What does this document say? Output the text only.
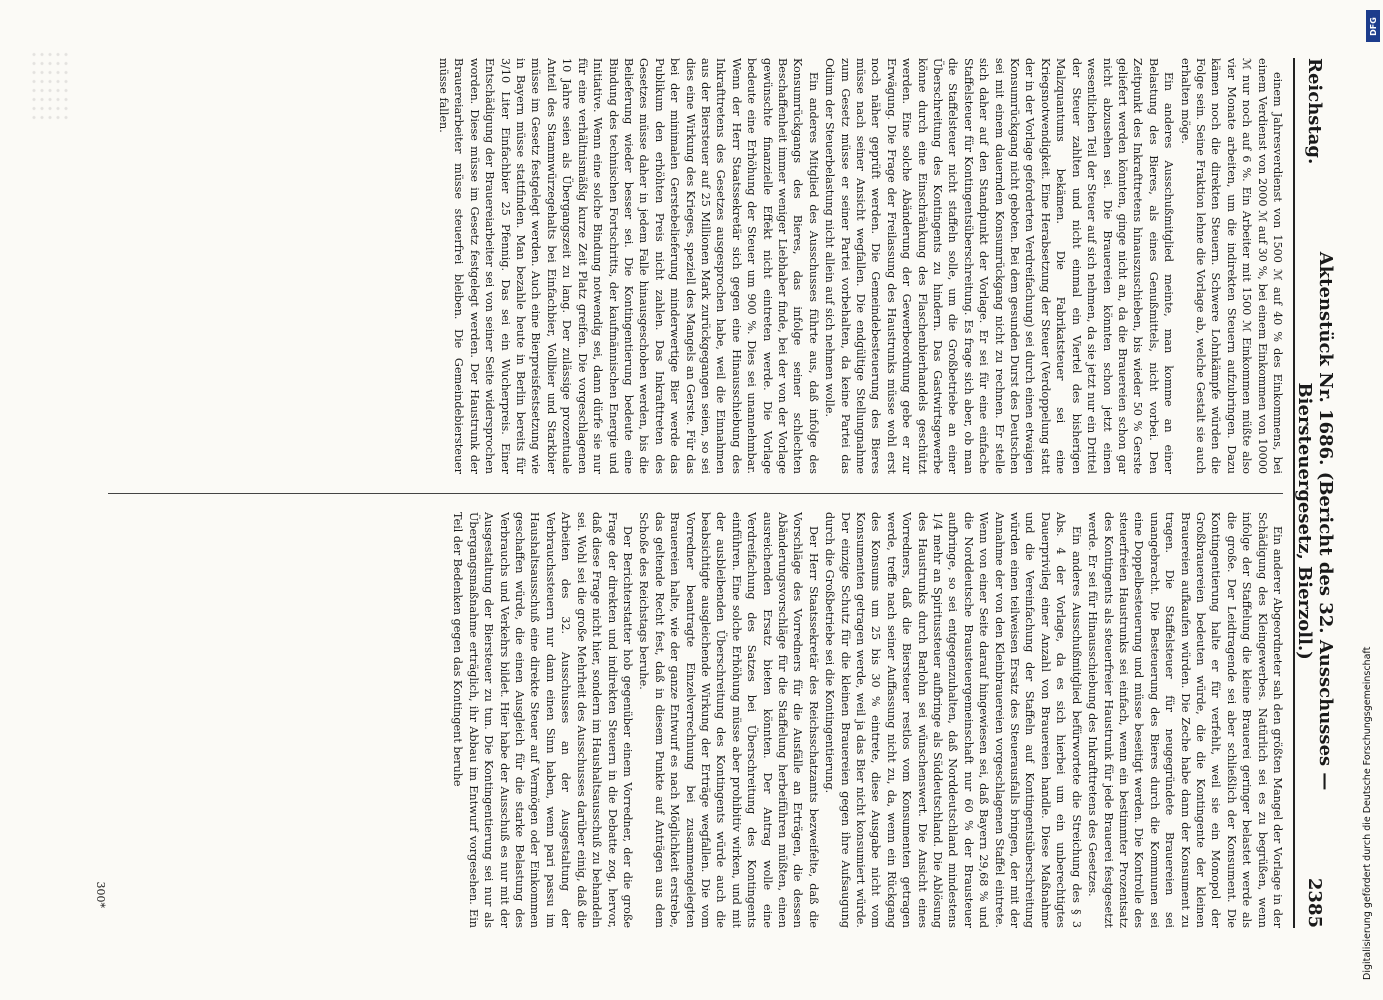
Reichstag.
Aktenstück Nr. 1686. (Bericht des 32. Ausschusses — Biersteuergesetz, Bierzoll.)
2385

einem Jahresverdienst von 1500 ℳ auf 40 % des Einkommens, bei einem Verdienst von 2000 ℳ auf 30 %, bei einem Einkommen von 10000 ℳ nur noch auf 6 %. Ein Arbeiter mit 1500 ℳ Einkommen müßte also vier Monate arbeiten, um die indirekten Steuern aufzubringen. Dazu kämen noch die direkten Steuern. Schwere Lohnkämpfe würden die Folge sein. Seine Fraktion lehne die Vorlage ab, welche Gestalt sie auch erhalten möge.

Ein anderes Ausschußmitglied meinte, man komme an einer Belastung des Bieres, als eines Genußmittels, nicht vorbei. Den Zeitpunkt des Inkrafttretens hinauszuschieben, bis wieder 50 % Gerste geliefert werden könnten, ginge nicht an, da die Brauereien schon gar nicht abzusehen sei. Die Brauereien könnten schon jetzt einen wesentlichen Teil der Steuer auf sich nehmen, da sie jetzt nur ein Drittel der Steuer zahlten und nicht einmal ein Viertel des bisherigen Malzquantums bekämen. Die Fabrikatsteuer sei eine Kriegsnotwendigkeit. Eine Herabsetzung der Steuer (Verdoppelung statt der in der Vorlage geforderten Verdreifachung) sei durch einen etwaigen Konsumrückgang nicht geboten. Bei dem gesunden Durst des Deutschen sei mit einem dauernden Konsumrückgang nicht zu rechnen. Er stelle sich daher auf den Standpunkt der Vorlage. Er sei für eine einfache Staffelsteuer für Kontingentsüberschreitung. Es frage sich aber, ob man die Staffelsteuer nicht staffeln solle, um die Großbetriebe an einer Überschreitung des Kontingents zu hindern. Das Gastwirtsgewerbe könne durch eine Einschränkung des Flaschenbierhandels geschützt werden. Eine solche Abänderung der Gewerbeordnung gebe er zur Erwägung. Die Frage der Freilassung des Haustrunks müsse wohl erst noch näher geprüft werden. Die Gemeindebesteuerung des Bieres müsse nach seiner Ansicht wegfallen. Die endgültige Stellungnahme zum Gesetz müsse er seiner Partei vorbehalten, da keine Partei das Odium der Steuerbelastung nicht allein auf sich nehmen wolle.

Ein anderes Mitglied des Ausschusses führte aus, daß infolge des Konsumrückgangs des Bieres, das infolge seiner schlechten Beschaffenheit immer weniger Liebhaber finde, bei der von der Vorlage gewünschte finanzielle Effekt nicht eintreten werde. Die Vorlage bedeute eine Erhöhung der Steuer um 900 %. Dies sei unannehmbar. Wenn der Herr Staatssekretär sich gegen eine Hinausschiebung des Inkrafttretens des Gesetzes ausgesprochen habe, weil die Einnahmen aus der Biersteuer auf 25 Millionen Mark zurückgegangen seien, so sei dies eine Wirkung des Krieges, speziell des Mangels an Gerste. Für das bei der minimalen Gerstebelieferung minderwertige Bier werde das Publikum den erhöhten Preis nicht zahlen. Das Inkrafttreten des Gesetzes müsse daher in jedem Falle hinausgeschoben werden, bis die Belieferung wieder besser sei. Die Kontingentierung bedeute eine Bindung des technischen Fortschritts, der kaufmännischen Energie und Initiative. Wenn eine solche Bindung notwendig sei, dann dürfe sie nur für eine verhältnismäßig kurze Zeit Platz greifen. Die vorgeschlagenen 10 Jahre seien als Übergangszeit zu lang. Der zulässige prozentuale Anteil des Stammwürzegehalts bei Einfachbier, Vollbier und Starkbier müsse im Gesetz festgelegt werden. Auch eine Bierpreisfestsetzung wie in Bayern müsse stattfinden. Man bezahle heute in Berlin bereits für 3/10 Liter Einfachbier 25 Pfennig. Das sei ein Wucherpreis. Einer Entschädigung der Brauereiarbeiter sei von seiner Seite widersprochen worden. Diese müsse im Gesetz festgelegt werden. Der Haustrunk der Brauereiarbeiter müsse steuerfrei bleiben. Die Gemeindebiersteuer müsse fallen.

Ein anderer Abgeordneter sah den größten Mangel der Vorlage in der Schädigung des Kleingewerbes. Natürlich sei es zu begrüßen, wenn infolge der Staffelung die kleine Brauerei geringer belastet werde als die große. Der Leidtragende sei aber schließlich der Konsument. Die Kontingentierung halte er für verfehlt, weil sie ein Monopol der Großbrauereien bedeuten würde, die die Kontingente der kleinen Brauereien aufkaufen würden. Die Zeche habe dann der Konsument zu tragen. Die Staffelsteuer für neugegründete Brauereien sei unangebracht. Die Besteuerung des Bieres durch die Kommunen sei eine Doppelbesteuerung und müsse beseitigt werden. Die Kontrolle des steuerfreien Haustrunks sei einfach, wenn ein bestimmter Prozentsatz des Kontingents als steuerfreier Haustrunk für jede Brauerei festgesetzt werde. Er sei für Hinausschiebung des Inkrafttretens des Gesetzes.

Ein anderes Ausschußmitglied befürwortete die Streichung des § 3 Abs. 4 der Vorlage, da es sich hierbei um ein unberechtigtes Dauerprivileg einer Anzahl von Brauereien handle. Diese Maßnahme und die Vereinfachung der Staffeln auf Kontingentsüberschreitung würden einen teilweisen Ersatz des Steuerausfalls bringen, der mit der Annahme der von den Kleinbrauereien vorgeschlagenen Staffel eintrete. Wenn von einer Seite darauf hingewiesen sei, daß Bayern 29,68 % und die Norddeutsche Brausteuergemeinschaft nur 60 % der Brausteuer aufbringe, so sei entgegenzuhalten, daß Norddeutschland mindestens 1/4 mehr an Spiritussteuer aufbringe als Süddeutschland. Die Ablösung des Haustrunks durch Barlohn sei wünschenswert. Die Ansicht eines Vorredners, daß die Biersteuer restlos vom Konsumenten getragen werde, treffe nach seiner Auffassung nicht zu, da, wenn ein Rückgang des Konsums um 25 bis 30 % eintrete, diese Ausgabe nicht vom Konsumenten getragen werde, weil ja das Bier nicht konsumiert würde. Der einzige Schutz für die kleinen Brauereien gegen ihre Aufsaugung durch die Großbetriebe sei die Kontingentierung.

Der Herr Staatssekretär des Reichsschatzamts bezweifelte, daß die Vorschläge des Vorredners für die Ausfälle an Erträgen, die dessen Abänderungsvorschläge für die Staffelung herbeiführen müßten, einen ausreichenden Ersatz bieten könnten. Der Antrag wolle eine Verdreifachung des Satzes bei Überschreitung des Kontingents einführen. Eine solche Erhöhung müsse aber prohibitiv wirken, und mit der ausbleibenden Überschreitung des Kontingents würde auch die beabsichtigte ausgleichende Wirkung der Erträge wegfallen. Die vom Vorredner beantragte Einzelverrechnung bei zusammengelegten Brauereien halte, wie der ganze Entwurf es nach Möglichkeit erstrebe, das geltende Recht fest, daß in diesem Punkte auf Anträgen aus dem Schoße des Reichstags beruhe.

Der Berichterstatter hob gegenüber einem Vorredner, der die große Frage der direkten und indirekten Steuern in die Debatte zog, hervor, daß diese Frage nicht hier, sondern im Haushaltsausschuß zu behandeln sei. Wohl sei die große Mehrheit des Ausschusses darüber einig, daß die Arbeiten des 32. Ausschusses an der Ausgestaltung der Verbrauchssteuern nur dann einen Sinn haben, wenn pari passu im Haushaltsausschuß eine direkte Steuer auf Vermögen oder Einkommen geschaffen würde, die einen Ausgleich für die starke Belastung des Verbrauchs und Verkehrs bildet. Hier habe der Ausschuß es nur mit der Ausgestaltung der Biersteuer zu tun. Die Kontingentierung sei nur als Übergangsmaßnahme erträglich, ihr Abbau im Entwurf vorgesehen. Ein Teil der Bedenken gegen das Kontingent beruhe

300*
DFG
Digitalisierung gefördert durch die Deutsche Forschungsgemeinschaft
